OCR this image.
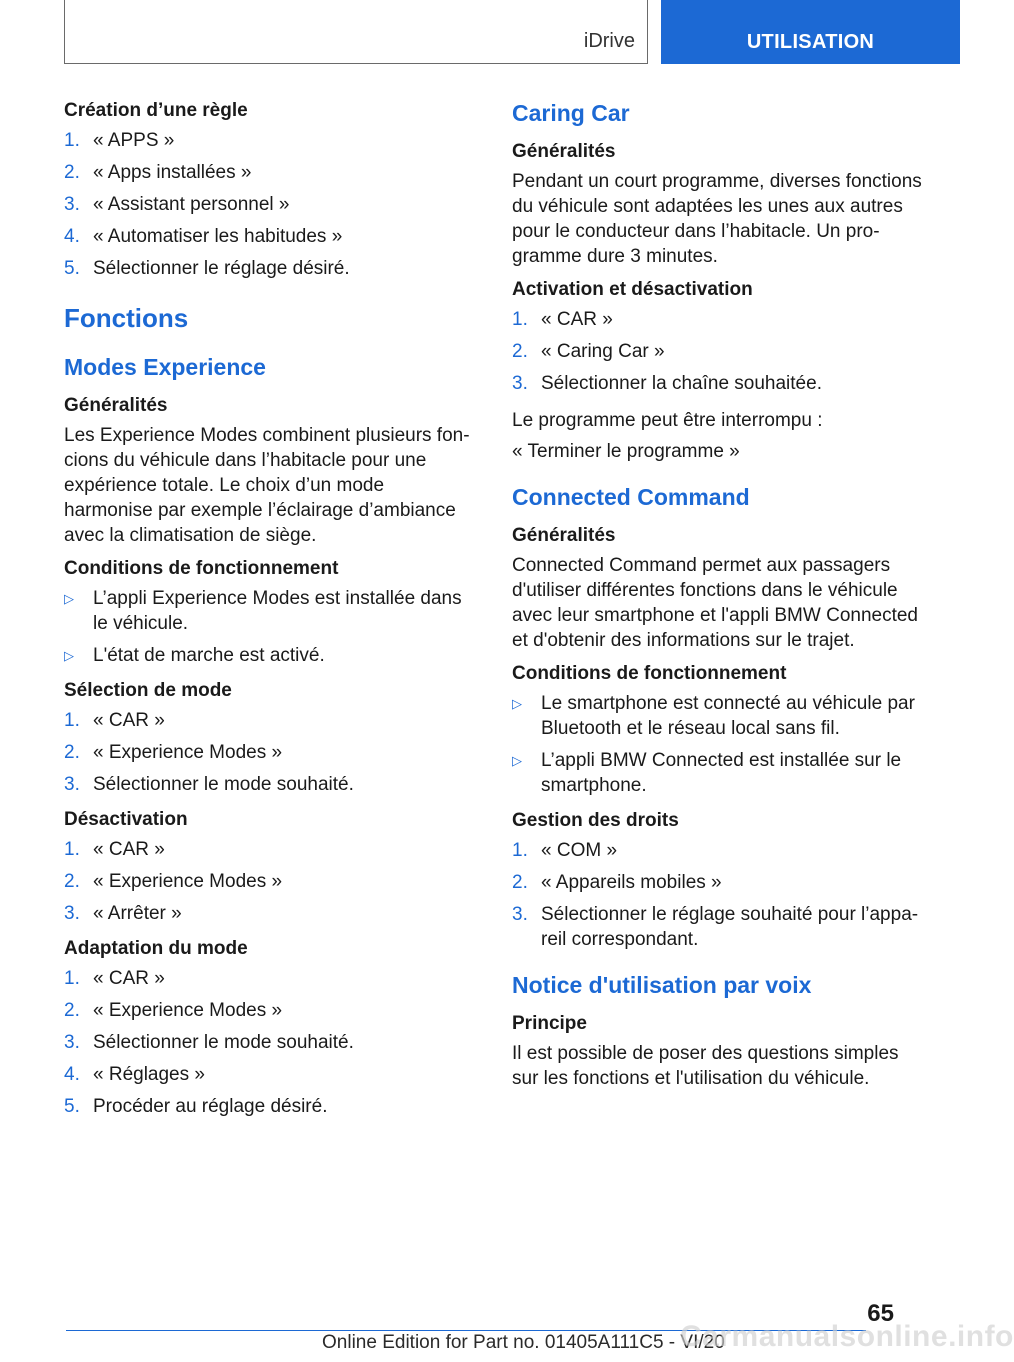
iDrive	UTILISATION
Création d’une règle
1. « APPS »
2. « Apps installées »
3. « Assistant personnel »
4. « Automatiser les habitudes »
5. Sélectionner le réglage désiré.
Fonctions
Modes Experience
Généralités

Les Experience Modes combinent plusieurs foncions du véhicule dans l’habitacle pour une expérience totale. Le choix d’un mode harmonise par exemple l’éclairage d’ambiance avec la climatisation de siège.

Conditions de fonctionnement
▷ L’appli Experience Modes est installée dans le véhicule.
▷ L'état de marche est activé.
Sélection de mode
1. « CAR »
2. « Experience Modes »
3. Sélectionner le mode souhaité.
Désactivation
1. « CAR »
2. « Experience Modes »
3. « Arrêter »
Adaptation du mode
1. « CAR »
2. « Experience Modes »
3. Sélectionner le mode souhaité.
4. « Réglages »
5. Procéder au réglage désiré.
Caring Car
Généralités

Pendant un court programme, diverses fonctions du véhicule sont adaptées les unes aux autres pour le conducteur dans l’habitacle. Un programme dure 3 minutes.

Activation et désactivation
1. « CAR »
2. « Caring Car »
3. Sélectionner la chaîne souhaitée.

Le programme peut être interrompu :

« Terminer le programme »

Connected Command
Généralités

Connected Command permet aux passagers d'utiliser différentes fonctions dans le véhicule avec leur smartphone et l'appli BMW Connected et d'obtenir des informations sur le trajet.

Conditions de fonctionnement
▷ Le smartphone est connecté au véhicule par Bluetooth et le réseau local sans fil.
▷ L’appli BMW Connected est installée sur le smartphone.
Gestion des droits
1. « COM »
2. « Appareils mobiles »
3. Sélectionner le réglage souhaité pour l’appareil correspondant.
Notice d'utilisation par voix
Principe

Il est possible de poser des questions simples sur les fonctions et l'utilisation du véhicule.

65
Online Edition for Part no. 01405A111C5 - VI/20
Carmanualsonline.info
